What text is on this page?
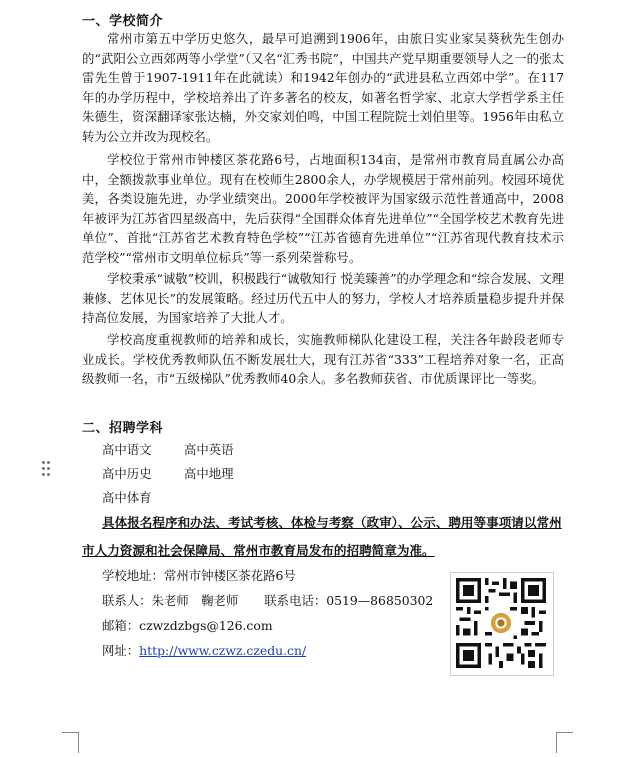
一、学校简介
常州市第五中学历史悠久，最早可追溯到1906年，由旅日实业家吴葵秋先生创办的“武阳公立西郊两等小学堂”（又名“汇秀书院”，中国共产党早期重要领导人之一的张太雷先生曾于1907-1911年在此就读）和1942年创办的“武进县私立西郊中学”。在117年的办学历程中，学校培养出了许多著名的校友，如著名哲学家、北京大学哲学系主任朱德生，资深翻译家张达楠，外交家刘伯鸣，中国工程院院士刘伯里等。1956年由私立转为公立并改为现校名。
学校位于常州市钟楼区茶花路6号，占地面积134亩，是常州市教育局直属公办高中，全额拨款事业单位。现有在校师生2800余人，办学规模居于常州前列。校园环境优美，各类设施先进，办学业绩突出。2000年学校被评为国家级示范性普通高中，2008年被评为江苏省四星级高中，先后获得“全国群众体育先进单位”“全国学校艺术教育先进单位”、首批“江苏省艺术教育特色学校”“江苏省德育先进单位”“江苏省现代教育技术示范学校”“常州市文明单位标兵”等一系列荣誉称号。
学校秉承“诚敬”校训，积极践行“诚敬知行 悦美臻善”的办学理念和“综合发展、文理兼修、艺体见长”的发展策略。经过历代五中人的努力，学校人才培养质量稳步提升并保持高位发展，为国家培养了大批人才。
学校高度重视教师的培养和成长，实施教师梯队化建设工程，关注各年龄段老师专业成长。学校优秀教师队伍不断发展壮大，现有江苏省“333”工程培养对象一名，正高级教师一名，市“五级梯队”优秀教师40余人。多名教师获省、市优质课评比一等奖。
二、招聘学科
高中语文	高中英语
高中历史	高中地理
高中体育
具体报名程序和办法、考试考核、体检与考察（政审）、公示、聘用等事项请以常州市人力资源和社会保障局、常州市教育局发布的招聘简章为准。
学校地址：常州市钟楼区茶花路6号
联系人：朱老师　鞠老师 联系电话：0519—86850302
邮箱：czwzdzbgs@126.com
网址：http://www.czwz.czedu.cn/
